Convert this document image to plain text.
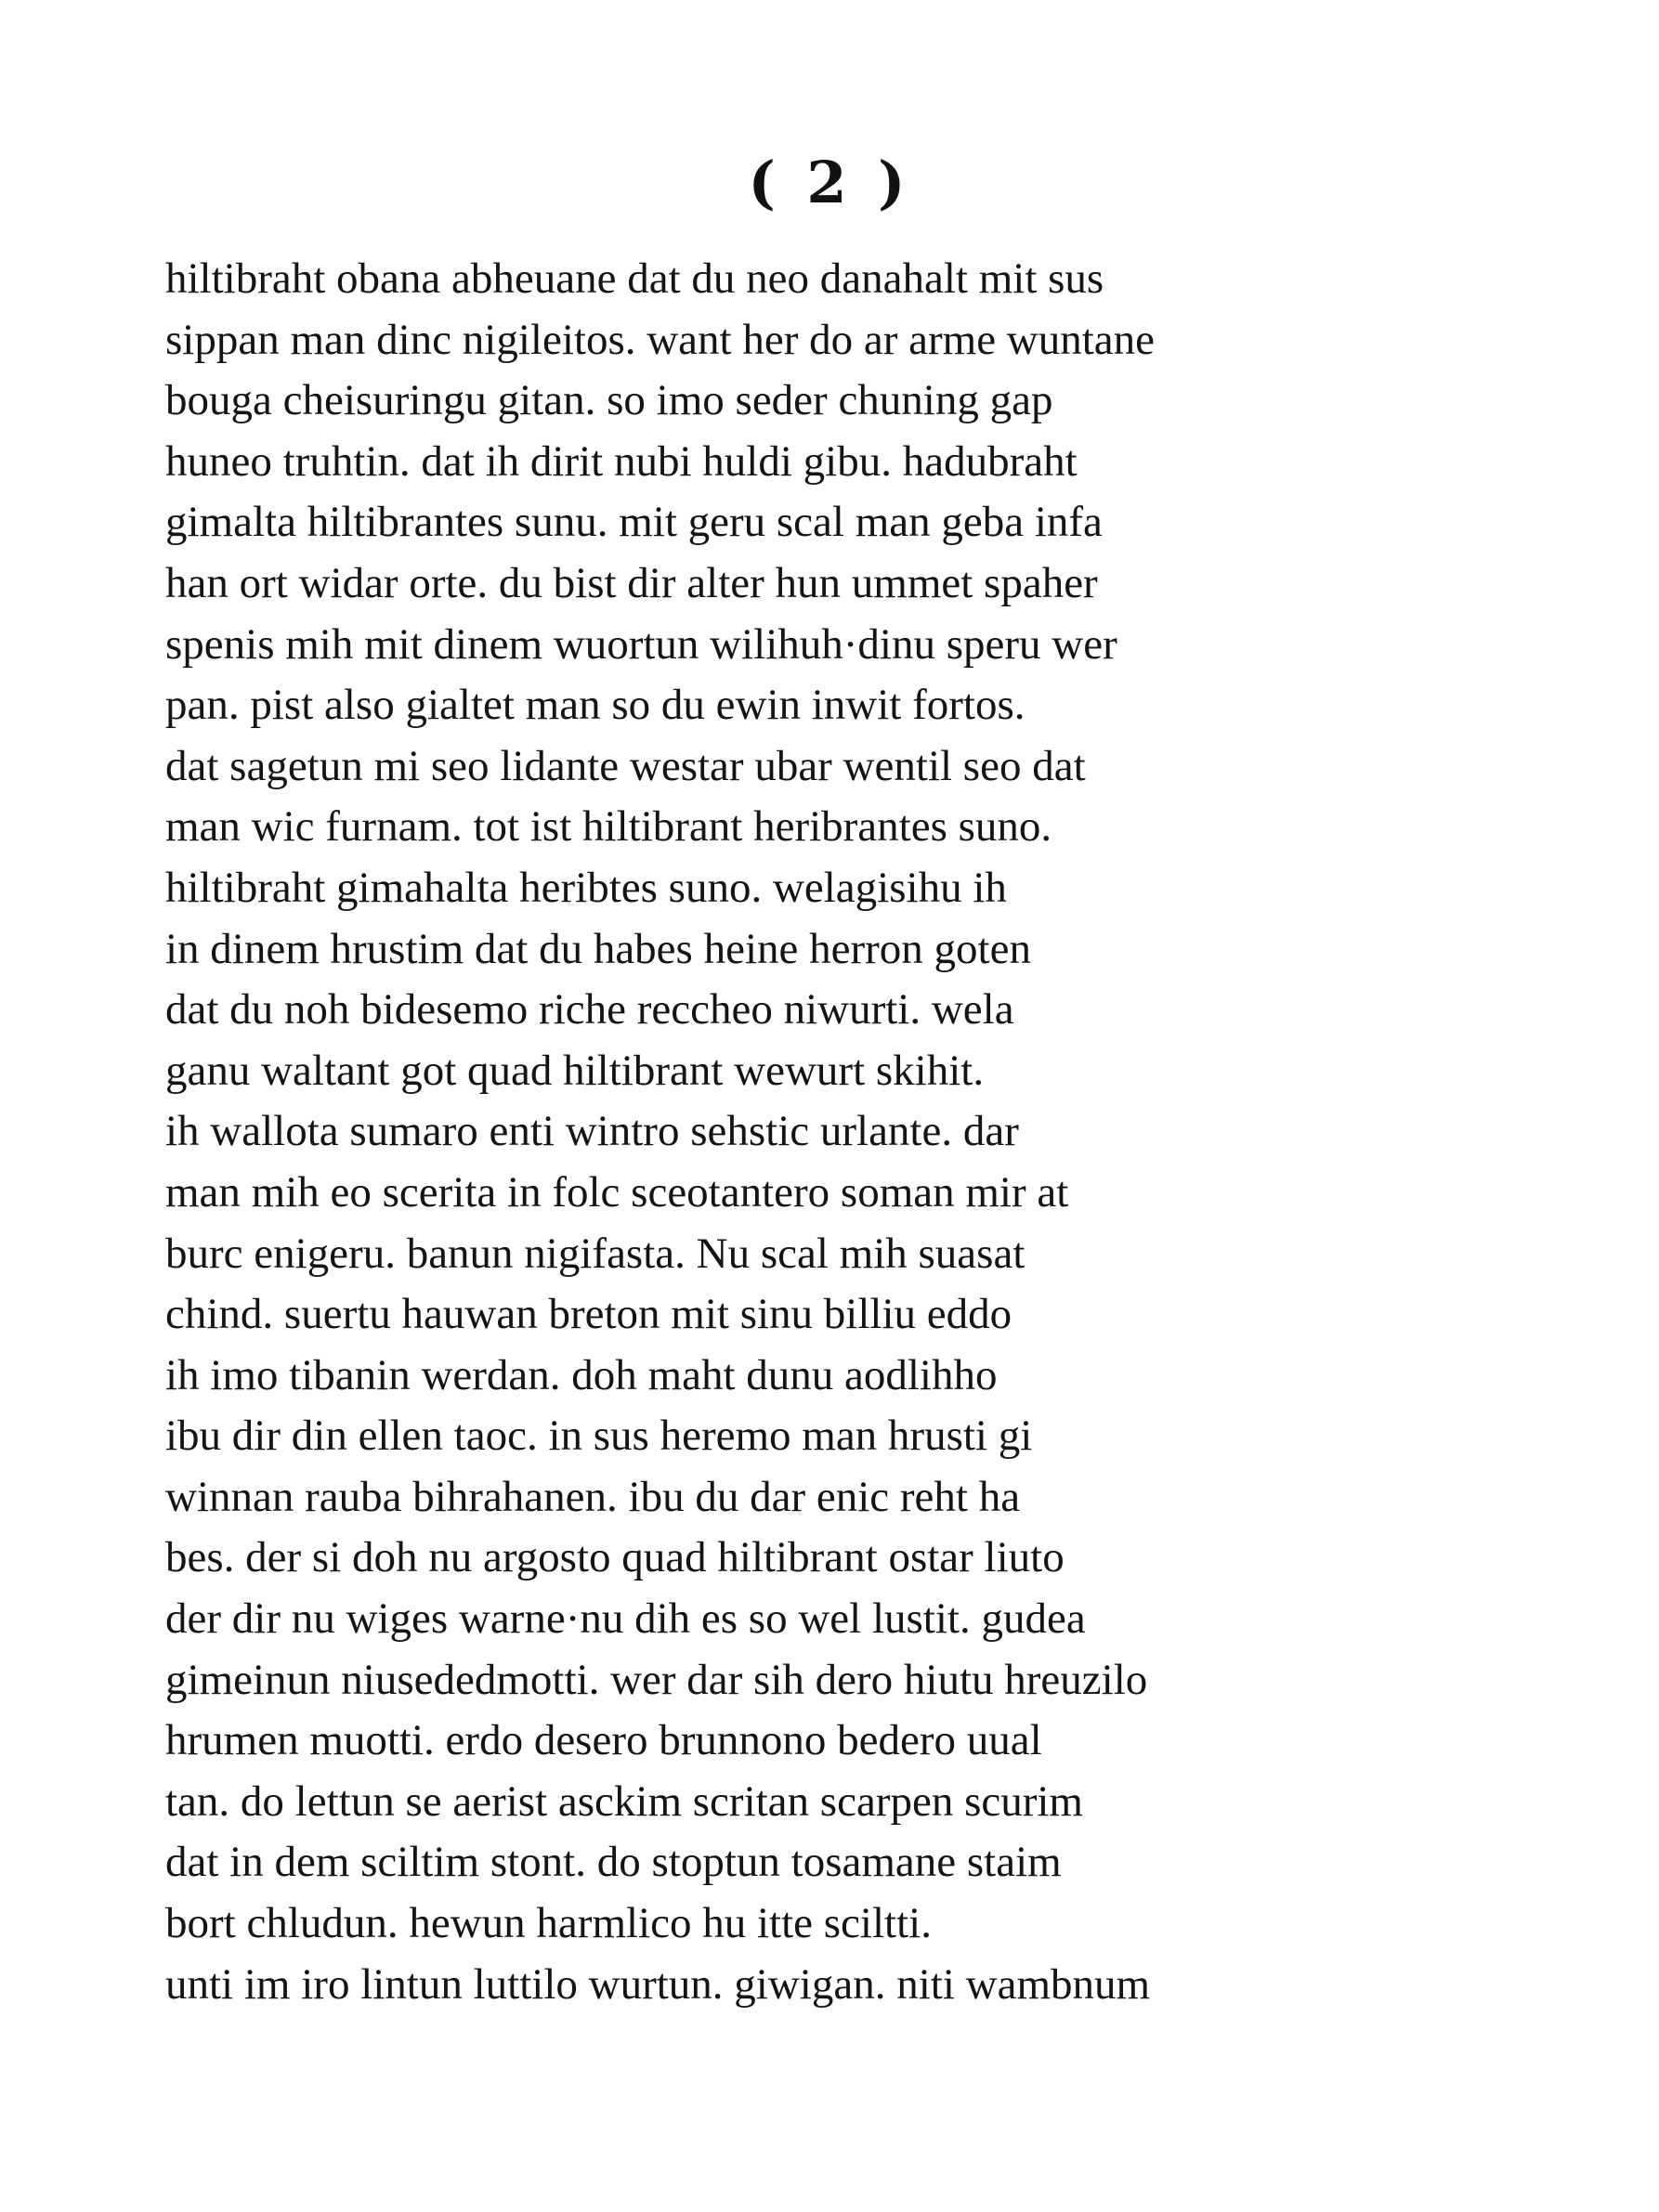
( 2 )
hiltibraht obana abheuane dat du neo danahalt mit sus
sippan man dinc nigileitos. want her do ar arme wuntane
bouga cheisuringu gitan. so imo seder chuning gap
huneo truhtin. dat ih dirit nubi huldi gibu. hadubraht
gimalta hiltibrantes sunu. mit geru scal man geba infa
han ort widar orte. du bist dir alter hun ummet spaher
spenis mih mit dinem wuortun wilihuh·dinu speru wer
pan. pist also gialtet man so du ewin inwit fortos.
dat sagetun mi seo lidante westar ubar wentil seo dat
man wic furnam. tot ist hiltibrant heribrantes suno.
hiltibraht gimahalta heribtes suno. welagisihu ih
in dinem hrustim dat du habes heine herron goten
dat du noh bidesemo riche reccheo niwurti. wela
ganu waltant got quad hiltibrant wewurt skihit.
ih wallota sumaro enti wintro sehstic urlante. dar
man mih eo scerita in folc sceotantero soman mir at
burc enigeru. banun nigifasta. Nu scal mih suasat
chind. suertu hauwan breton mit sinu billiu eddo
ih imo tibanin werdan. doh maht dunu aodlihho
ibu dir din ellen taoc. in sus heremo man hrusti gi
winnan rauba bihrahanen. ibu du dar enic reht ha
bes. der si doh nu argosto quad hiltibrant ostar liuto
der dir nu wiges warne·nu dih es so wel lustit. gudea
gimeinun niusededmotti. wer dar sih dero hiutu hreuzilo
hrumen muotti. erdo desero brunnono bedero uual
tan. do lettun se aerist asckim scritan scarpen scurim
dat in dem sciltim stont. do stoptun tosamane staim
bort chludun. hewun harmlico hu itte sciltti.
unti im iro lintun luttilo wurtun. giwigan. niti wambnum
